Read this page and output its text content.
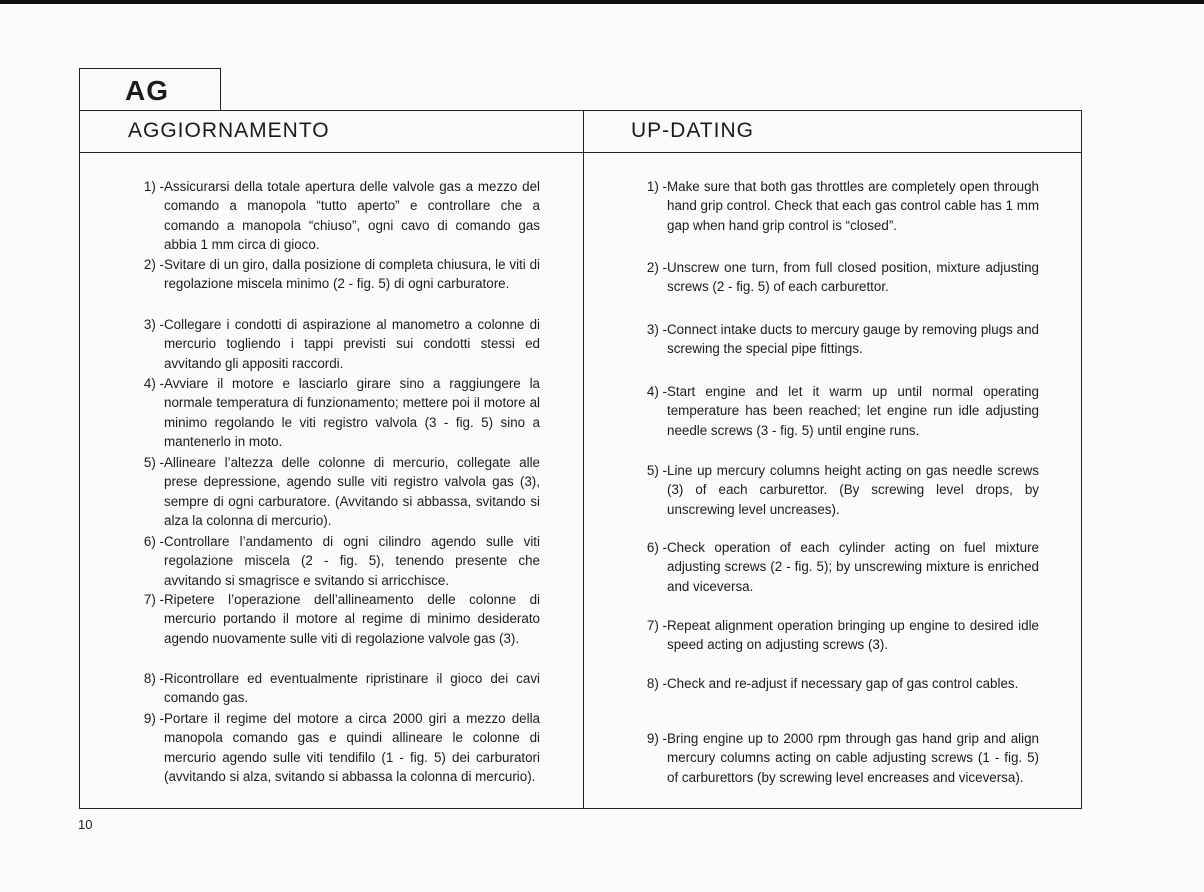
AG
AGGIORNAMENTO	UP-DATING
1) - Assicurarsi della totale apertura delle valvole gas a mezzo del comando a manopola “tutto aperto” e controllare che a comando a manopola “chiuso”, ogni cavo di comando gas abbia 1 mm circa di gioco.
2) - Svitare di un giro, dalla posizione di completa chiusura, le viti di regolazione miscela minimo (2 - fig. 5) di ogni carburatore.
3) - Collegare i condotti di aspirazione al manometro a colonne di mercurio togliendo i tappi previsti sui condotti stessi ed avvitando gli appositi raccordi.
4) - Avviare il motore e lasciarlo girare sino a raggiungere la normale temperatura di funzionamento; mettere poi il motore al minimo regolando le viti registro valvola (3 - fig. 5) sino a mantenerlo in moto.
5) - Allineare l’altezza delle colonne di mercurio, collegate alle prese depressione, agendo sulle viti registro valvola gas (3), sempre di ogni carburatore. (Avvitando si abbassa, svitando si alza la colonna di mercurio).
6) - Controllare l’andamento di ogni cilindro agendo sulle viti regolazione miscela (2 - fig. 5), tenendo presente che avvitando si smagrisce e svitando si arricchisce.
7) - Ripetere l’operazione dell’allineamento delle colonne di mercurio portando il motore al regime di minimo desiderato agendo nuovamente sulle viti di regolazione valvole gas (3).
8) - Ricontrollare ed eventualmente ripristinare il gioco dei cavi comando gas.
9) - Portare il regime del motore a circa 2000 giri a mezzo della manopola comando gas e quindi allineare le colonne di mercurio agendo sulle viti tendifilo (1 - fig. 5) dei carburatori (avvitando si alza, svitando si abbassa la colonna di mercurio).
1) - Make sure that both gas throttles are completely open through hand grip control. Check that each gas control cable has 1 mm gap when hand grip control is “closed”.
2) - Unscrew one turn, from full closed position, mixture adjusting screws (2 - fig. 5) of each carburettor.
3) - Connect intake ducts to mercury gauge by removing plugs and screwing the special pipe fittings.
4) - Start engine and let it warm up until normal operating temperature has been reached; let engine run idle adjusting needle screws (3 - fig. 5) until engine runs.
5) - Line up mercury columns height acting on gas needle screws (3) of each carburettor. (By screwing level drops, by unscrewing level uncreases).
6) - Check operation of each cylinder acting on fuel mixture adjusting screws (2 - fig. 5); by unscrewing mixture is enriched and viceversa.
7) - Repeat alignment operation bringing up engine to desired idle speed acting on adjusting screws (3).
8) - Check and re-adjust if necessary gap of gas control cables.
9) - Bring engine up to 2000 rpm through gas hand grip and align mercury columns acting on cable adjusting screws (1 - fig. 5) of carburettors (by screwing level encreases and viceversa).
10
